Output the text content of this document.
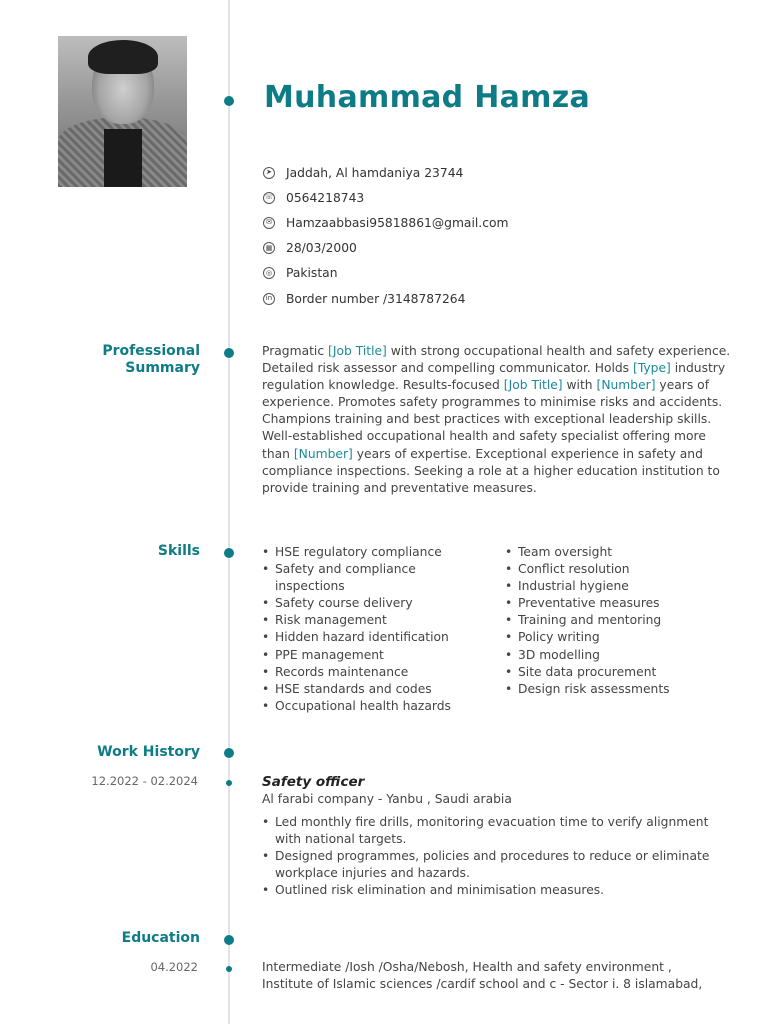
Muhammad Hamza
➤ Jaddah, Al hamdaniya 23744
☏ 0564218743
✉ Hamzaabbasi95818861@gmail.com
▦ 28/03/2000
◎ Pakistan
in Border number /3148787264
Professional
Summary
Pragmatic [Job Title] with strong occupational health and safety experience. Detailed risk assessor and compelling communicator. Holds [Type] industry regulation knowledge. Results-focused [Job Title] with [Number] years of experience. Promotes safety programmes to minimise risks and accidents. Champions training and best practices with exceptional leadership skills. Well-established occupational health and safety specialist offering more than [Number] years of expertise. Exceptional experience in safety and compliance inspections. Seeking a role at a higher education institution to provide training and preventative measures.
Skills
•	HSE regulatory compliance
• Safety and compliance inspections
• Safety course delivery
• Risk management
• Hidden hazard identification
• PPE management
• Records maintenance
• HSE standards and codes
• Occupational health hazards
• Team oversight
• Conflict resolution
• Industrial hygiene
• Preventative measures
• Training and mentoring
• Policy writing
• 3D modelling
• Site data procurement
• Design risk assessments
Work History
12.2022 - 02.2024	Safety officer
Al farabi company - Yanbu , Saudi arabia
• Led monthly fire drills, monitoring evacuation time to verify alignment with national targets.
• Designed programmes, policies and procedures to reduce or eliminate workplace injuries and hazards.
• Outlined risk elimination and minimisation measures.
Education
04.2022	Intermediate /Iosh /Osha/Nebosh, Health and safety environment , Institute of Islamic sciences /cardif school and c - Sector i. 8 islamabad,
